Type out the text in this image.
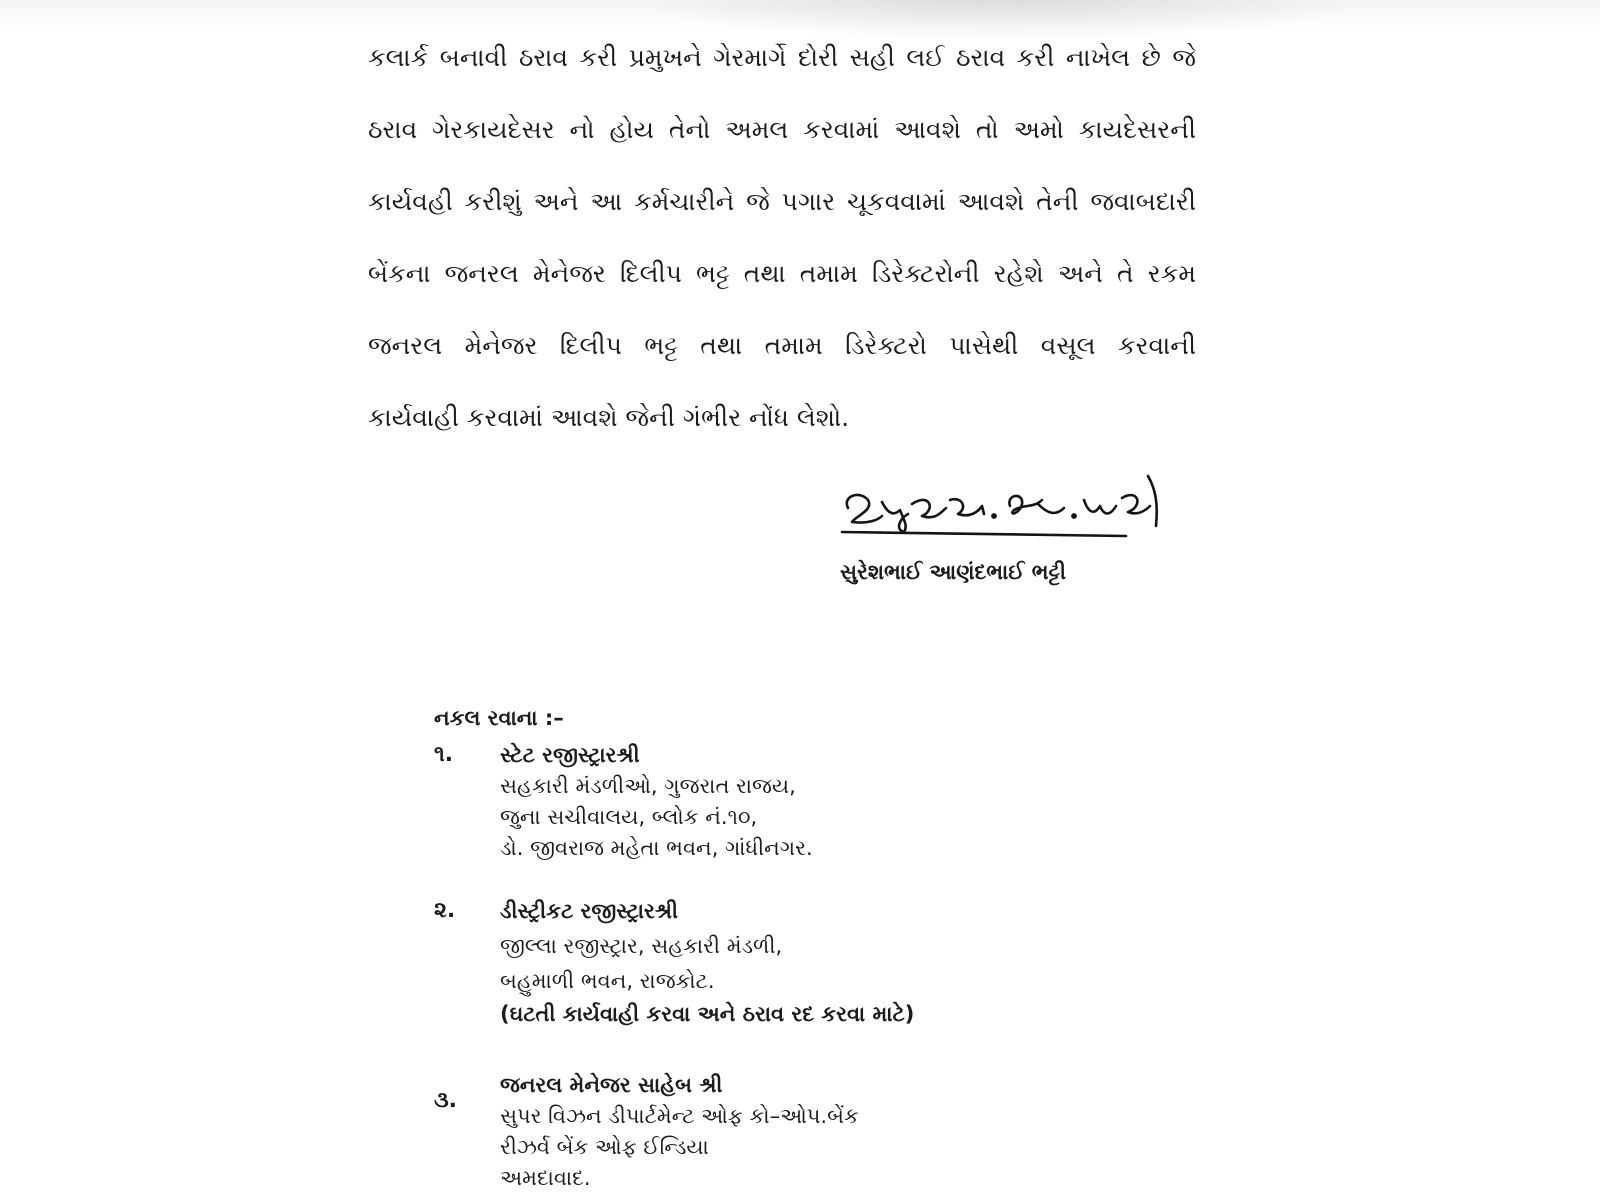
કલાર્ક બનાવી ઠરાવ કરી પ્રમુખને ગેરમાર્ગે દોરી સહી લઈ ઠરાવ કરી નાખેલ છે જે
ઠરાવ ગેરકાયદેસર નો હોય તેનો અમલ કરવામાં આવશે તો અમો કાયદેસરની
કાર્યવહી કરીશું અને આ કર્મચારીને જે પગાર ચૂકવવામાં આવશે તેની જવાબદારી
બેંકના જનરલ મેનેજર દિલીપ ભટ્ટ તથા તમામ ડિરેક્ટરોની રહેશે અને તે રકમ
જનરલ મેનેજર દિલીપ ભટ્ટ તથા તમામ ડિરેક્ટરો પાસેથી વસૂલ કરવાની
કાર્યવાહી કરવામાં આવશે જેની ગંભીર નોંધ લેશો.
સુરેશભાઈ આણંદભાઈ ભટ્ટી
નકલ રવાના :–
૧. સ્ટેટ રજીસ્ટ્રારશ્રી
સહકારી મંડળીઓ, ગુજરાત રાજય,
જુના સચીવાલય, બ્લોક નં.૧૦,
ડો. જીવરાજ મહેતા ભવન, ગાંધીનગર.
૨. ડીસ્ટ્રીકટ રજીસ્ટ્રારશ્રી
જીલ્લા રજીસ્ટ્રાર, સહકારી મંડળી,
બહુમાળી ભવન, રાજકોટ.
(ઘટતી કાર્યવાહી કરવા અને ઠરાવ રદ કરવા માટે)
૩.
જનરલ મેનેજર સાહેબ શ્રી
સુપર વિઝન ડીપાર્ટમેન્ટ ઓફ કો–ઓપ.બેંક
રીઝર્વ બેંક ઓફ ઈન્ડિયા
અમદાવાદ.
